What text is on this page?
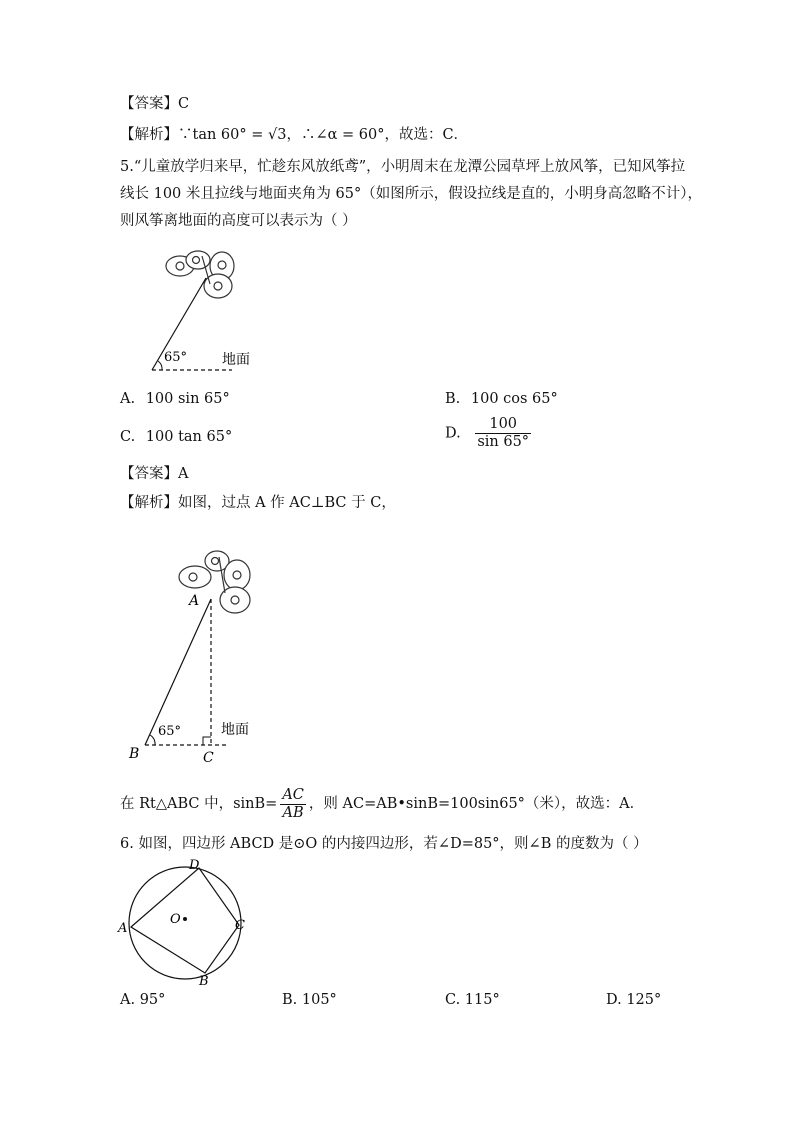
【答案】C
【解析】∵tan 60° = √3，∴∠α = 60°，故选：C．
5.“儿童放学归来早，忙趁东风放纸鸢”，小明周末在龙潭公园草坪上放风筝，已知风筝拉
线长 100 米且拉线与地面夹角为 65°（如图所示，假设拉线是直的，小明身高忽略不计），
则风筝离地面的高度可以表示为（ ）
65° 地面
A. 100 sin 65°	B. 100 cos 65°
C. 100 tan 65°	D. $\frac{100}{\sin 65^\circ}$
【答案】A
【解析】如图，过点 A 作 AC⊥BC 于 C，
A
B	C
65°	地面
在 Rt△ABC 中，$\sin B= \frac{AC}{AB}$ ，则 AC=AB•sinB=100sin65°（米），故选：A．
6. 如图，四边形 ABCD 是⊙O 的内接四边形，若∠D=85°，则∠B 的度数为（ ）
O
A
B
C
D
A. 95°	B. 105°	C. 115°	D. 125°
